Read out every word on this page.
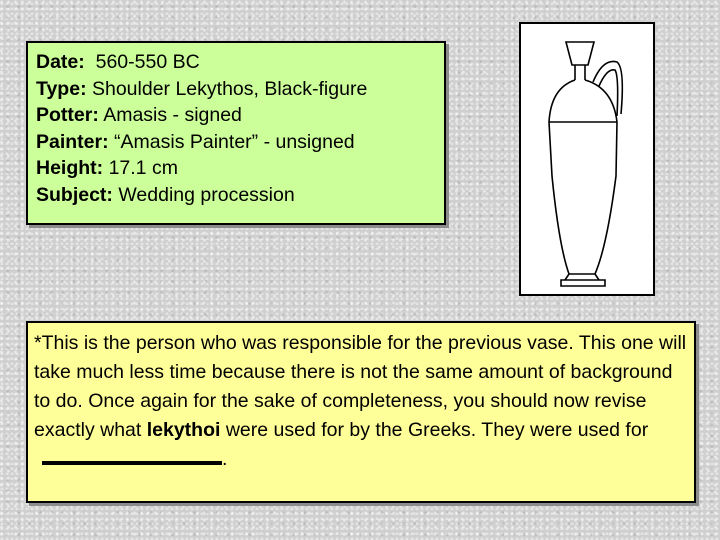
Date: 560-550 BC
Type: Shoulder Lekythos, Black-figure
Potter: Amasis - signed
Painter: “Amasis Painter” - unsigned
Height: 17.1 cm
Subject: Wedding procession
*This is the person who was responsible for the previous vase. This one will take much less time because there is not the same amount of background to do. Once again for the sake of completeness, you should now revise exactly what lekythoi were used for by the Greeks. They were used for
.
